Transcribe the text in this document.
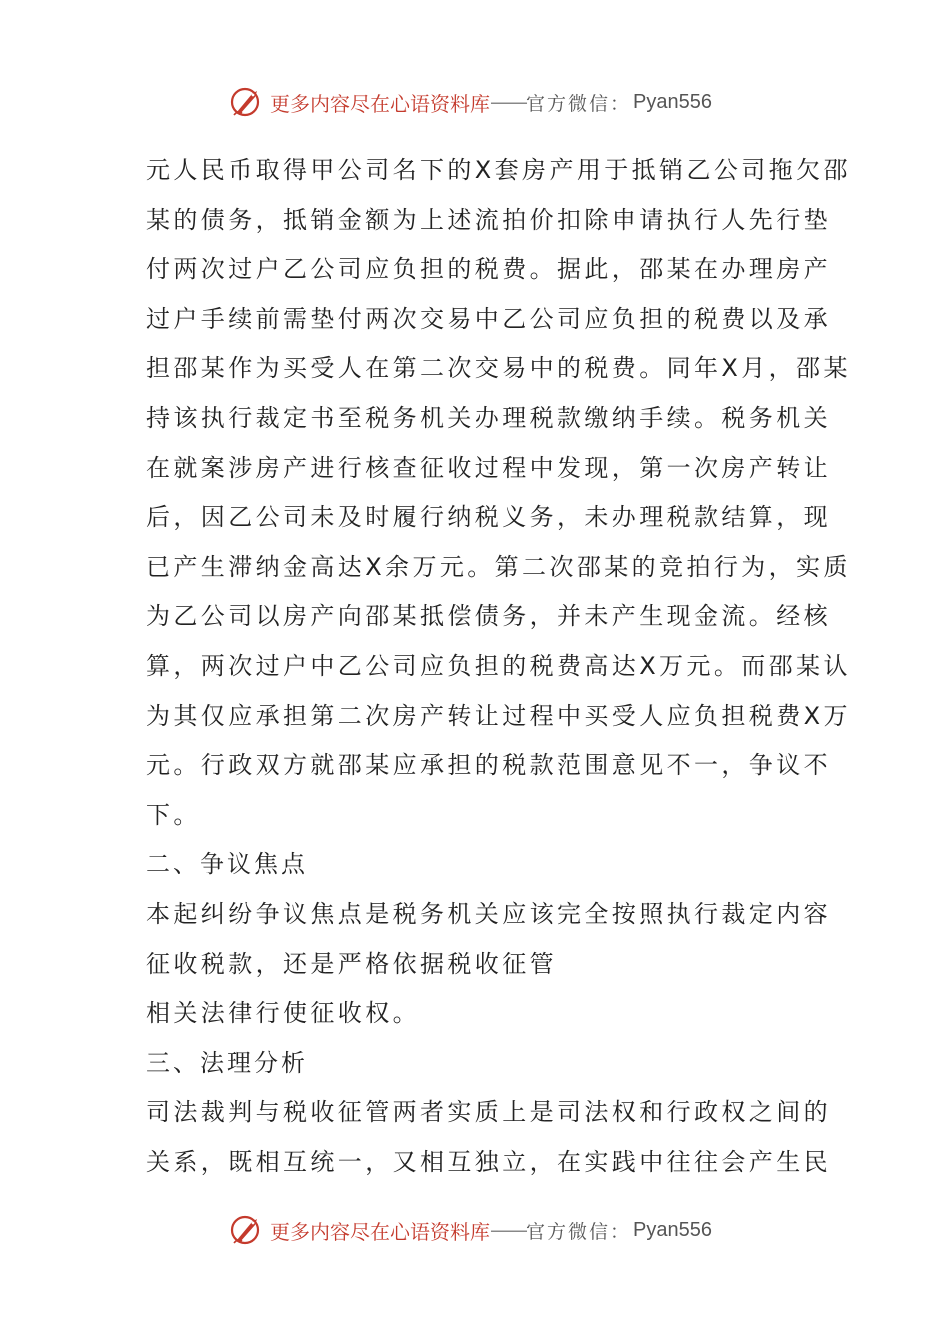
更多内容尽在心语资料库 —— 官方微信： Pyan556
元人民币取得甲公司名下的X套房产用于抵销乙公司拖欠邵
某的债务，抵销金额为上述流拍价扣除申请执行人先行垫
付两次过户乙公司应负担的税费。据此，邵某在办理房产
过户手续前需垫付两次交易中乙公司应负担的税费以及承
担邵某作为买受人在第二次交易中的税费。同年X月，邵某
持该执行裁定书至税务机关办理税款缴纳手续。税务机关
在就案涉房产进行核查征收过程中发现，第一次房产转让
后，因乙公司未及时履行纳税义务，未办理税款结算，现
已产生滞纳金高达X余万元。第二次邵某的竞拍行为，实质
为乙公司以房产向邵某抵偿债务，并未产生现金流。经核
算，两次过户中乙公司应负担的税费高达X万元。而邵某认
为其仅应承担第二次房产转让过程中买受人应负担税费X万
元。行政双方就邵某应承担的税款范围意见不一，争议不
下。
二、争议焦点
本起纠纷争议焦点是税务机关应该完全按照执行裁定内容
征收税款，还是严格依据税收征管
相关法律行使征收权。
三、法理分析
司法裁判与税收征管两者实质上是司法权和行政权之间的
关系，既相互统一，又相互独立，在实践中往往会产生民
更多内容尽在心语资料库 —— 官方微信： Pyan556
